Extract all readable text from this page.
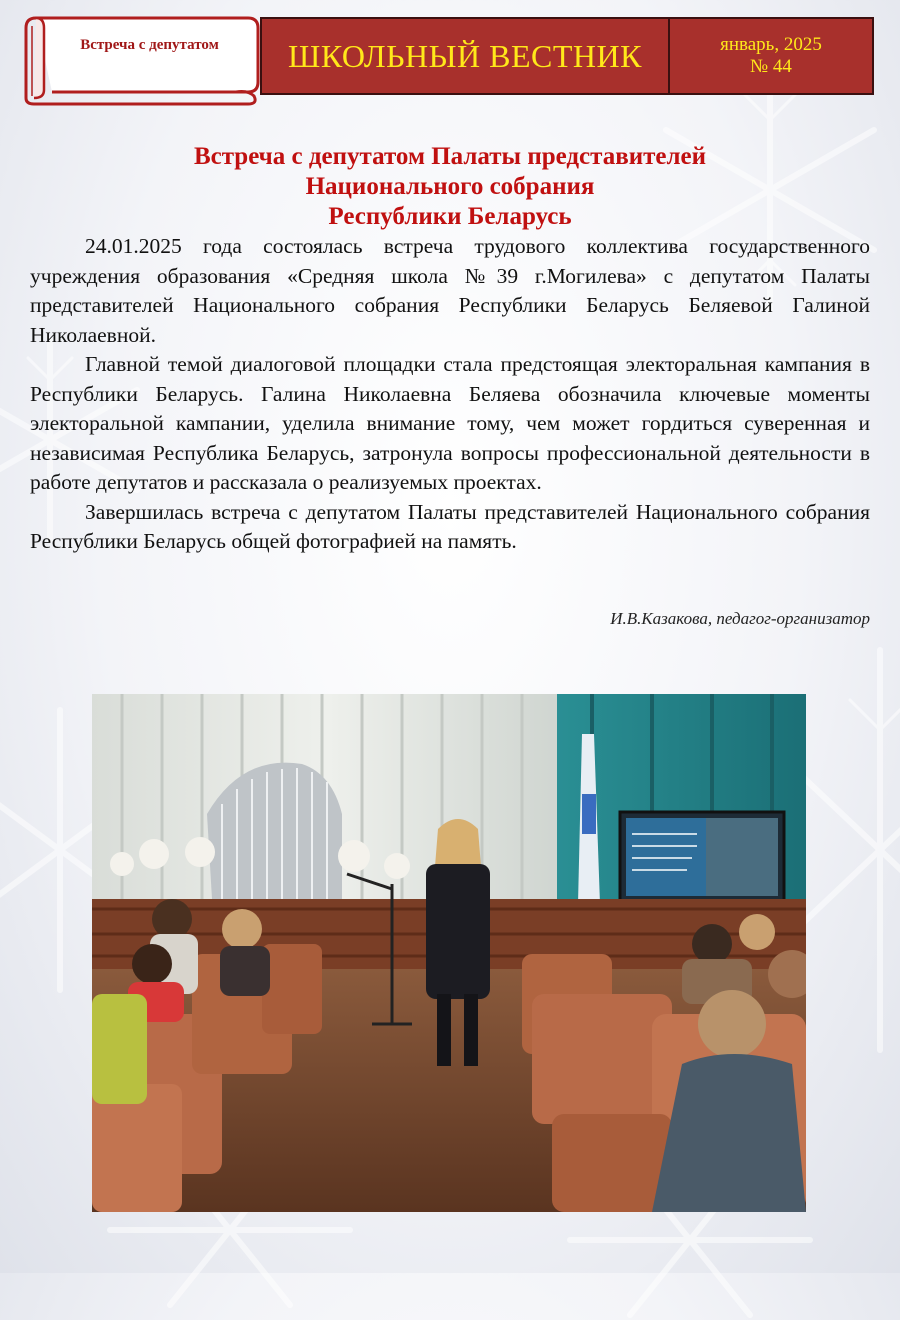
Встреча с депутатом	ШКОЛЬНЫЙ ВЕСТНИК	январь, 2025
№ 44
Встреча с депутатом Палаты представителей
Национального собрания
Республики Беларусь

24.01.2025 года состоялась встреча трудового коллектива государственного учреждения образования «Средняя школа №39 г.Могилева» с депутатом Палаты представителей Национального собрания Республики Беларусь Беляевой Галиной Николаевной.

Главной темой диалоговой площадки стала предстоящая электоральная кампания в Республики Беларусь. Галина Николаевна Беляева обозначила ключевые моменты электоральной кампании, уделила внимание тому, чем может гордиться суверенная и независимая Республика Беларусь, затронула вопросы профессиональной деятельности в работе депутатов и рассказала о реализуемых проектах.

Завершилась встреча с депутатом Палаты представителей Национального собрания Республики Беларусь общей фотографией на память.

И.В.Казакова, педагог-организатор
